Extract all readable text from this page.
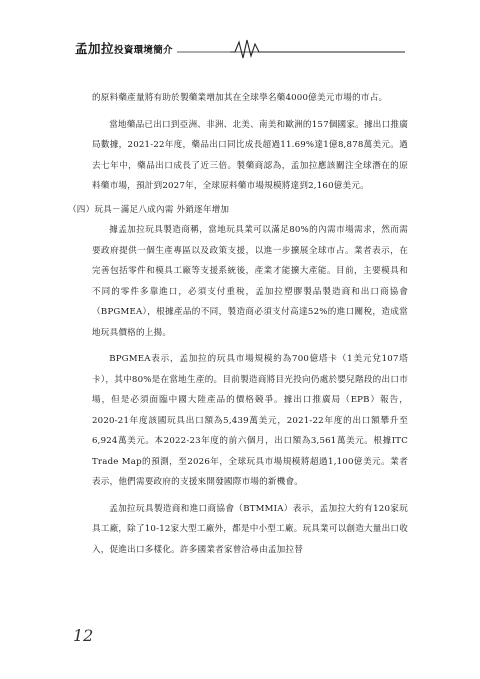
孟加拉投資環境簡介

的原料藥產量將有助於製藥業增加其在全球學名藥4000億美元市場的市占。

當地藥品已出口到亞洲、非洲、北美、南美和歐洲的157個國家。據出口推廣局數據，2021-22年度，藥品出口同比成長超過11.69%達1億8,878萬美元。過去七年中，藥品出口成長了近三倍。製藥商認為，孟加拉應該關注全球潛在的原料藥市場，預計到2027年，全球原料藥市場規模將達到2,160億美元。

（四）玩具－滿足八成內需 外銷逐年增加

據孟加拉玩具製造商稱，當地玩具業可以滿足80%的內需市場需求，然而需要政府提供一個生產專區以及政策支援，以進一步擴展全球市占。業者表示，在完善包括零件和模具工廠等支援系統後，產業才能擴大產能。目前，主要模具和不同的零件多靠進口，必須支付重稅，孟加拉塑膠製品製造商和出口商協會（BPGMEA），根據產品的不同，製造商必須支付高達52%的進口關稅，造成當地玩具價格的上揚。

BPGMEA表示，孟加拉的玩具市場規模約為700億塔卡（1美元兌107塔卡），其中80%是在當地生產的。目前製造商將目光投向仍處於嬰兒階段的出口市場，但是必須面臨中國大陸產品的價格競爭。據出口推廣局（EPB）報告，2020-21年度該國玩具出口額為5,439萬美元，2021-22年度的出口額攀升至6,924萬美元。本2022-23年度的前六個月，出口額為3,561萬美元。根據ITC Trade Map的預測，至2026年，全球玩具市場規模將超過1,100億美元。業者表示，他們需要政府的支援來開發國際市場的新機會。

孟加拉玩具製造商和進口商協會（BTMMIA）表示，孟加拉大約有120家玩具工廠，除了10-12家大型工廠外，都是中小型工廠。玩具業可以創造大量出口收入，促進出口多樣化。許多國業者家曾洽尋由孟加拉替

12
